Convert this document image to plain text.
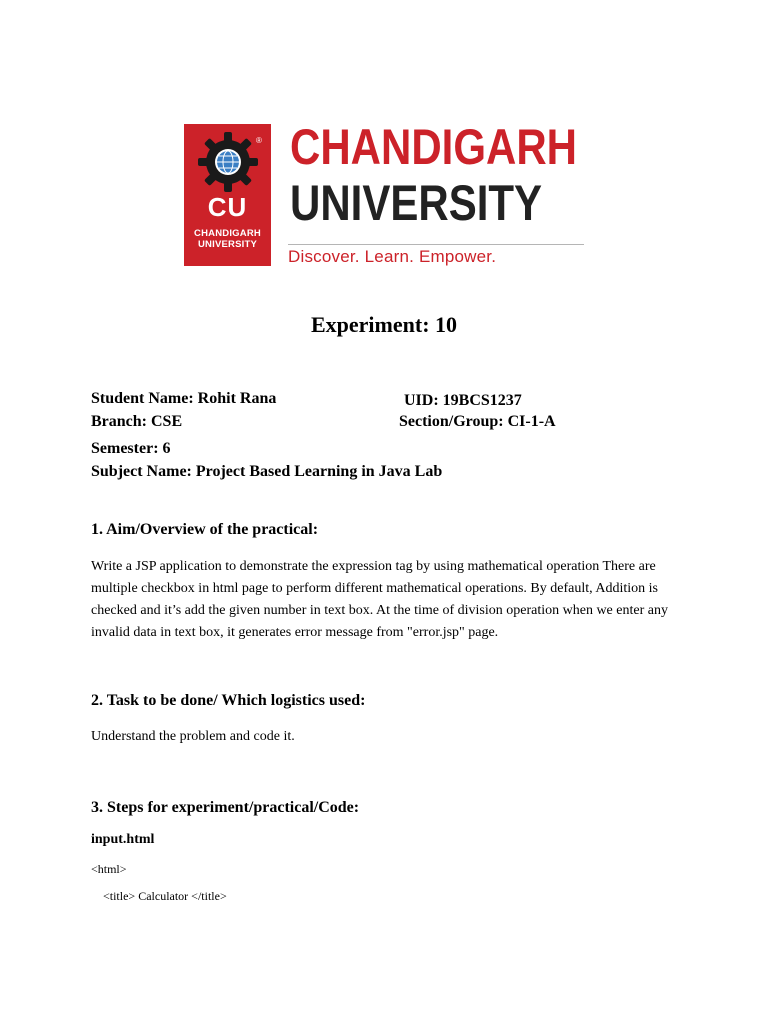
®
CU
CHANDIGARH
UNIVERSITY
CHANDIGARH
UNIVERSITY
Discover. Learn. Empower.
Experiment: 10
Student Name: Rohit Rana	UID: 19BCS1237
Branch: CSE	Section/Group: CI-1-A
Semester: 6
Subject Name: Project Based Learning in Java Lab
1. Aim/Overview of the practical:
Write a JSP application to demonstrate the expression tag by using mathematical operation There are multiple checkbox in html page to perform different mathematical operations. By default, Addition is checked and it’s add the given number in text box. At the time of division operation when we enter any invalid data in text box, it generates error message from "error.jsp" page.
2. Task to be done/ Which logistics used:
Understand the problem and code it.
3. Steps for experiment/practical/Code:
input.html
<html>
<title> Calculator </title>
